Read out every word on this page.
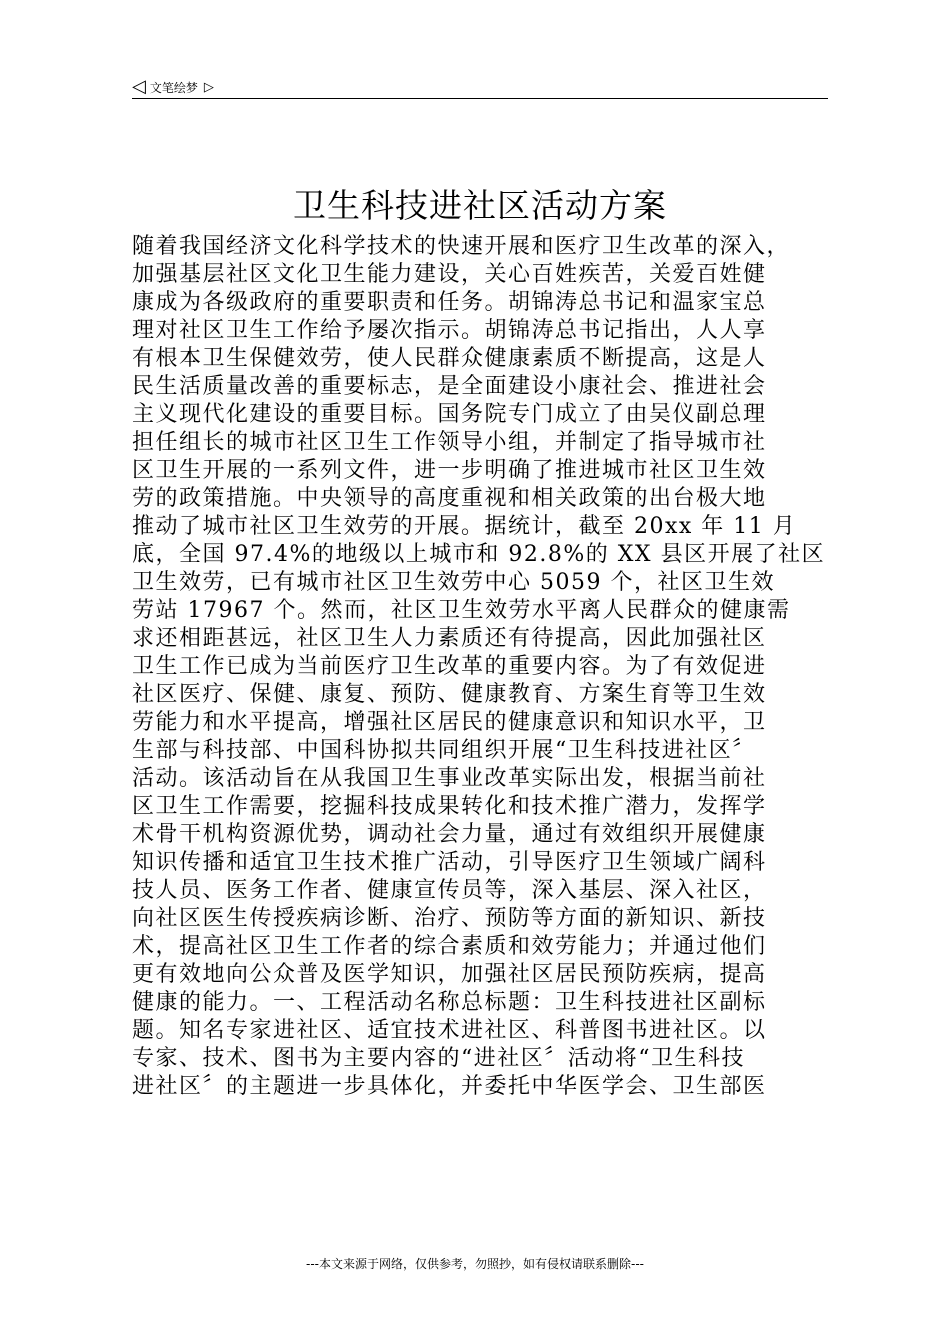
◁ 文笔绘梦 ▷
卫生科技进社区活动方案
随着我国经济文化科学技术的快速开展和医疗卫生改革的深入，
加强基层社区文化卫生能力建设，关心百姓疾苦，关爱百姓健
康成为各级政府的重要职责和任务。胡锦涛总书记和温家宝总
理对社区卫生工作给予屡次指示。胡锦涛总书记指出，人人享
有根本卫生保健效劳，使人民群众健康素质不断提高，这是人
民生活质量改善的重要标志，是全面建设小康社会、推进社会
主义现代化建设的重要目标。国务院专门成立了由吴仪副总理
担任组长的城市社区卫生工作领导小组，并制定了指导城市社
区卫生开展的一系列文件，进一步明确了推进城市社区卫生效
劳的政策措施。中央领导的高度重视和相关政策的出台极大地
推动了城市社区卫生效劳的开展。据统计，截至 20xx 年 11 月
底，全国 97.4%的地级以上城市和 92.8%的 XX 县区开展了社区
卫生效劳，已有城市社区卫生效劳中心 5059 个，社区卫生效
劳站 17967 个。然而，社区卫生效劳水平离人民群众的健康需
求还相距甚远，社区卫生人力素质还有待提高，因此加强社区
卫生工作已成为当前医疗卫生改革的重要内容。为了有效促进
社区医疗、保健、康复、预防、健康教育、方案生育等卫生效
劳能力和水平提高，增强社区居民的健康意识和知识水平，卫
生部与科技部、中国科协拟共同组织开展“卫生科技进社区〞
活动。该活动旨在从我国卫生事业改革实际出发，根据当前社
区卫生工作需要，挖掘科技成果转化和技术推广潜力，发挥学
术骨干机构资源优势，调动社会力量，通过有效组织开展健康
知识传播和适宜卫生技术推广活动，引导医疗卫生领域广阔科
技人员、医务工作者、健康宣传员等，深入基层、深入社区，
向社区医生传授疾病诊断、治疗、预防等方面的新知识、新技
术，提高社区卫生工作者的综合素质和效劳能力；并通过他们
更有效地向公众普及医学知识，加强社区居民预防疾病，提高
健康的能力。一、工程活动名称总标题：卫生科技进社区副标
题。知名专家进社区、适宜技术进社区、科普图书进社区。以
专家、技术、图书为主要内容的“进社区〞活动将“卫生科技
进社区〞的主题进一步具体化，并委托中华医学会、卫生部医
---本文来源于网络，仅供参考，勿照抄，如有侵权请联系删除---
